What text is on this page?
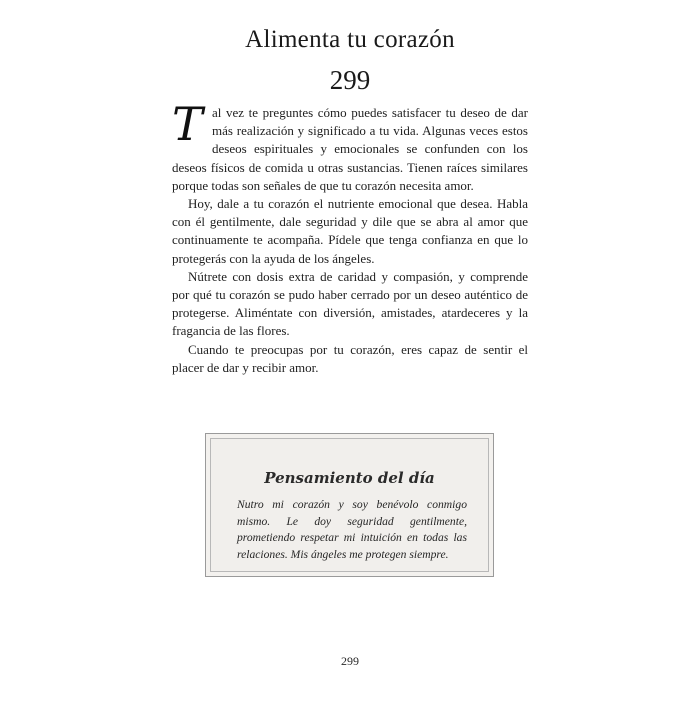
Alimenta tu corazón
299

Tal vez te preguntes cómo puedes satisfacer tu deseo de dar más realización y significado a tu vida. Algunas veces estos deseos espirituales y emocionales se confunden con los deseos físicos de comida u otras sustancias. Tienen raíces similares porque todas son señales de que tu corazón necesita amor.

Hoy, dale a tu corazón el nutriente emocional que desea. Habla con él gentilmente, dale seguridad y dile que se abra al amor que continuamente te acompaña. Pídele que tenga confianza en que lo protegerás con la ayuda de los ángeles.

Nútrete con dosis extra de caridad y compasión, y comprende por qué tu corazón se pudo haber cerrado por un deseo auténtico de protegerse. Aliméntate con diversión, amistades, atardeceres y la fragancia de las flores.

Cuando te preocupas por tu corazón, eres capaz de sentir el placer de dar y recibir amor.

Pensamiento del día
Nutro mi corazón y soy benévolo conmigo mismo. Le doy seguridad gentilmente, prometiendo respetar mi intuición en todas las relaciones. Mis ángeles me protegen siempre.
299
